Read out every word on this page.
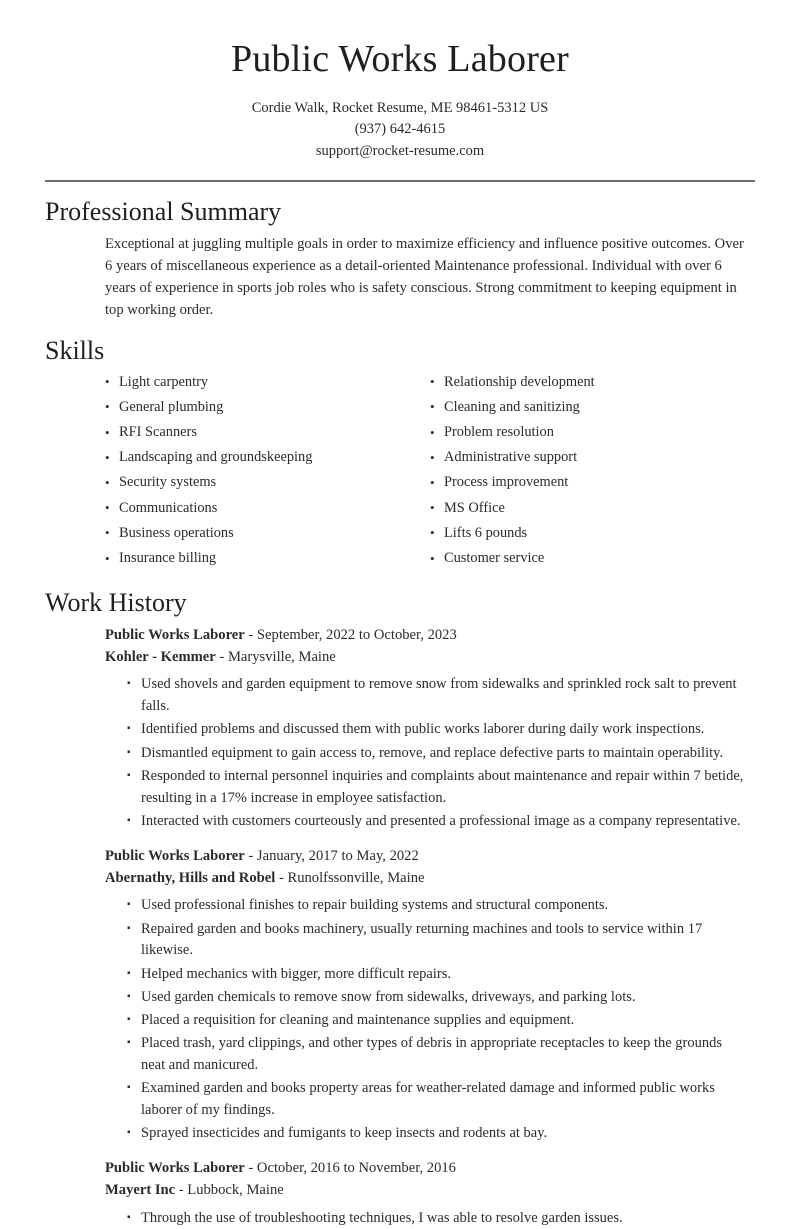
Public Works Laborer
Cordie Walk, Rocket Resume, ME 98461-5312 US
(937) 642-4615
support@rocket-resume.com
Professional Summary

Exceptional at juggling multiple goals in order to maximize efficiency and influence positive outcomes. Over 6 years of miscellaneous experience as a detail-oriented Maintenance professional. Individual with over 6 years of experience in sports job roles who is safety conscious. Strong commitment to keeping equipment in top working order.

Skills
• Light carpentry
• General plumbing
• RFI Scanners
• Landscaping and groundskeeping
• Security systems
• Communications
• Business operations
• Insurance billing
• Relationship development
• Cleaning and sanitizing
• Problem resolution
• Administrative support
• Process improvement
• MS Office
• Lifts 6 pounds
• Customer service
Work History
Public Works Laborer - September, 2022 to October, 2023
Kohler - Kemmer - Marysville, Maine
▪ Used shovels and garden equipment to remove snow from sidewalks and sprinkled rock salt to prevent falls.
▪ Identified problems and discussed them with public works laborer during daily work inspections.
▪ Dismantled equipment to gain access to, remove, and replace defective parts to maintain operability.
▪ Responded to internal personnel inquiries and complaints about maintenance and repair within 7 betide, resulting in a 17% increase in employee satisfaction.
▪ Interacted with customers courteously and presented a professional image as a company representative.
Public Works Laborer - January, 2017 to May, 2022
Abernathy, Hills and Robel - Runolfssonville, Maine
▪ Used professional finishes to repair building systems and structural components.
▪ Repaired garden and books machinery, usually returning machines and tools to service within 17 likewise.
▪ Helped mechanics with bigger, more difficult repairs.
▪ Used garden chemicals to remove snow from sidewalks, driveways, and parking lots.
▪ Placed a requisition for cleaning and maintenance supplies and equipment.
▪ Placed trash, yard clippings, and other types of debris in appropriate receptacles to keep the grounds neat and manicured.
▪ Examined garden and books property areas for weather-related damage and informed public works laborer of my findings.
▪ Sprayed insecticides and fumigants to keep insects and rodents at bay.
Public Works Laborer - October, 2016 to November, 2016
Mayert Inc - Lubbock, Maine
▪ Through the use of troubleshooting techniques, I was able to resolve garden issues.
